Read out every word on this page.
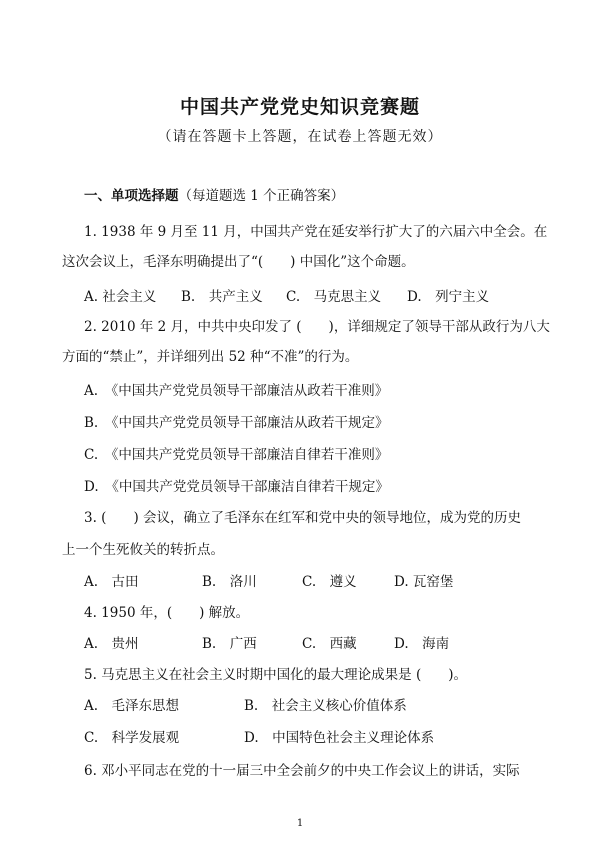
中国共产党党史知识竞赛题
（请在答题卡上答题，在试卷上答题无效）
一、单项选择题（每道题选 1 个正确答案）
1. 1938 年 9 月至 11 月，中国共产党在延安举行扩大了的六届六中全会。在
这次会议上，毛泽东明确提出了“(　　) 中国化”这个命题。
A. 社会主义 B.　共产主义 C.　马克思主义 D.　列宁主义
2. 2010 年 2 月，中共中央印发了 (　　)，详细规定了领导干部从政行为八大
方面的“禁止”，并详细列出 52 种“不准”的行为。
A.　《中国共产党党员领导干部廉洁从政若干准则》
B.　《中国共产党党员领导干部廉洁从政若干规定》
C.　《中国共产党党员领导干部廉洁自律若干准则》
D.　《中国共产党党员领导干部廉洁自律若干规定》
3. (　　) 会议，确立了毛泽东在红军和党中央的领导地位，成为党的历史
上一个生死攸关的转折点。
A.　古田	B.　洛川	C.　遵义	D. 瓦窑堡
4. 1950 年，(　　) 解放。
A.　贵州	B.　广西	C.　西藏	D.　海南
5. 马克思主义在社会主义时期中国化的最大理论成果是 (　　)。
A.　毛泽东思想	B.　社会主义核心价值体系
C.　科学发展观	D.　中国特色社会主义理论体系
6. 邓小平同志在党的十一届三中全会前夕的中央工作会议上的讲话，实际
1
